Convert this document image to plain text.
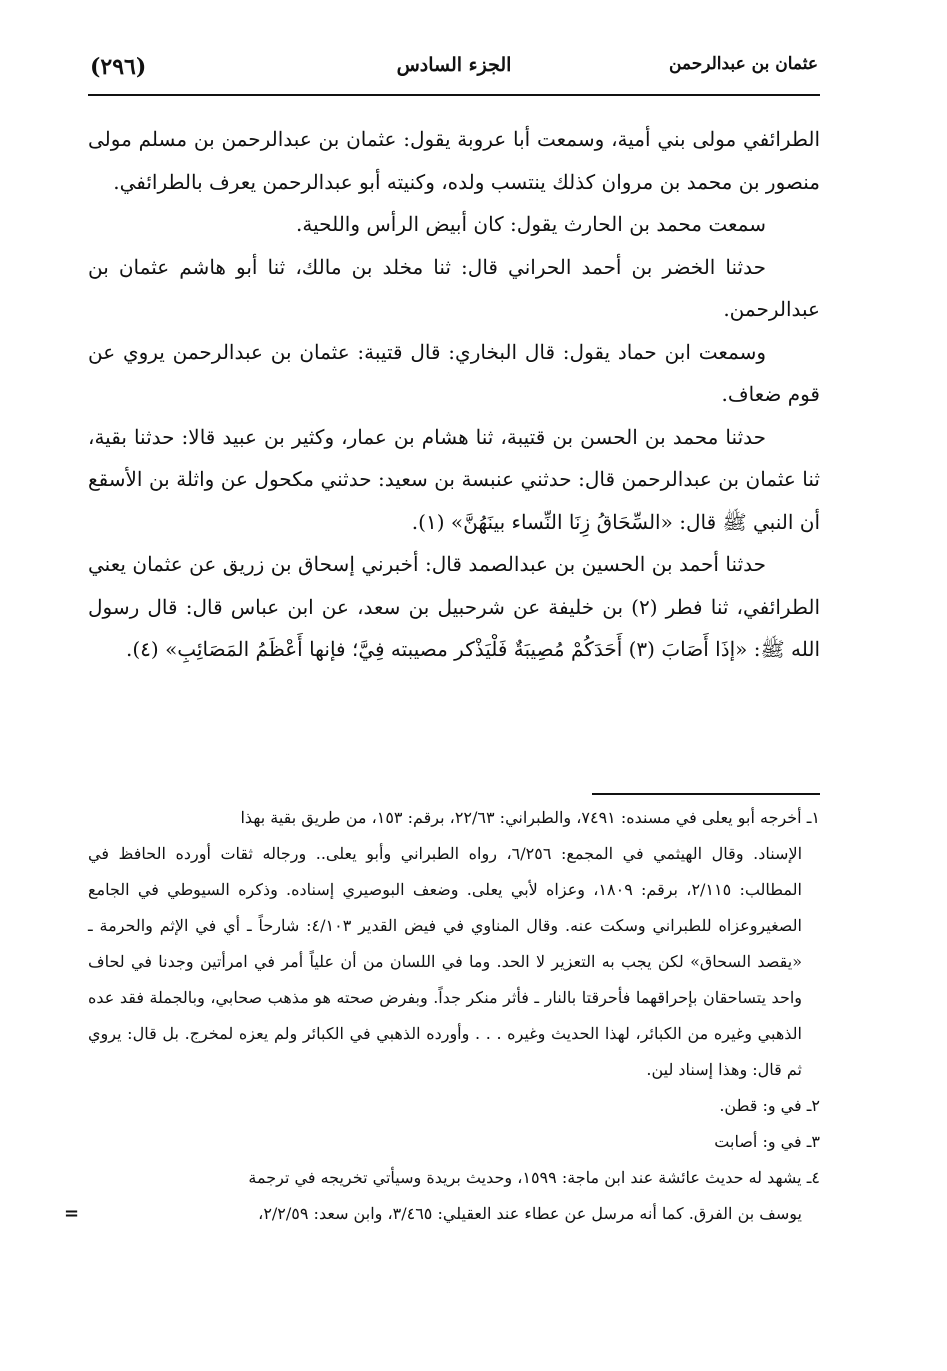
عثمان بن عبدالرحمن
الجزء السادس
(٢٩٦)

الطرائفي مولى بني أمية، وسمعت أبا عروبة يقول: عثمان بن عبدالرحمن بن مسلم مولى منصور بن محمد بن مروان كذلك ينتسب ولده، وكنيته أبو عبدالرحمن يعرف بالطرائفي.

سمعت محمد بن الحارث يقول: كان أبيض الرأس واللحية.

حدثنا الخضر بن أحمد الحراني قال: ثنا مخلد بن مالك، ثنا أبو هاشم عثمان بن عبدالرحمن.

وسمعت ابن حماد يقول: قال البخاري: قال قتيبة: عثمان بن عبدالرحمن يروي عن قوم ضعاف.

حدثنا محمد بن الحسن بن قتيبة، ثنا هشام بن عمار، وكثير بن عبيد قالا: حدثنا بقية، ثنا عثمان بن عبدالرحمن قال: حدثني عنبسة بن سعيد: حدثني مكحول عن واثلة بن الأسقع أن النبي ﷺ قال: «السِّحَاقُ زِنَا النِّساء بينَهُنَّ» (١).

حدثنا أحمد بن الحسين بن عبدالصمد قال: أخبرني إسحاق بن زريق عن عثمان يعني الطرائفي، ثنا فطر (٢) بن خليفة عن شرحبيل بن سعد، عن ابن عباس قال: قال رسول الله ﷺ: «إذَا أَصَابَ (٣) أَحَدَكُمْ مُصِيبَةٌ فَلْيَذْكر مصيبته فِيَّ؛ فإنها أَعْظَمُ المَصَائِبِ» (٤).

١ـ أخرجه أبو يعلى في مسنده: ٧٤٩١، والطبراني: ٢٢/٦٣، برقم: ١٥٣، من طريق بقية بهذا

الإسناد. وقال الهيثمي في المجمع: ٦/٢٥٦، رواه الطبراني وأبو يعلى.. ورجاله ثقات أورده الحافظ في المطالب: ٢/١١٥، برقم: ١٨٠٩، وعزاه لأبي يعلى. وضعف البوصيري إسناده. وذكره السيوطي في الجامع الصغيروعزاه للطبراني وسكت عنه. وقال المناوي في فيض القدير ٤/١٠٣: شارحاً ـ أي في الإثم والحرمة ـ «يقصد السحاق» لكن يجب به التعزير لا الحد. وما في اللسان من أن علياً أمر في امرأتين وجدنا في لحاف واحد يتساحقان بإحراقهما فأحرقتا بالنار ـ فأثر منكر جداً. وبفرض صحته هو مذهب صحابي، وبالجملة فقد عده الذهبي وغيره من الكبائر، لهذا الحديث وغيره . . . وأورده الذهبي في الكبائر ولم يعزه لمخرج. بل قال: يروي ثم قال: وهذا إسناد لين.

٢ـ في و: قطن.

٣ـ في و: أصابت

٤ـ يشهد له حديث عائشة عند ابن ماجة: ١٥٩٩، وحديث بريدة وسيأتي تخريجه في ترجمة

يوسف بن الفرق. كما أنه مرسل عن عطاء عند العقيلي: ٣/٤٦٥، وابن سعد: ٢/٢/٥٩،
=
